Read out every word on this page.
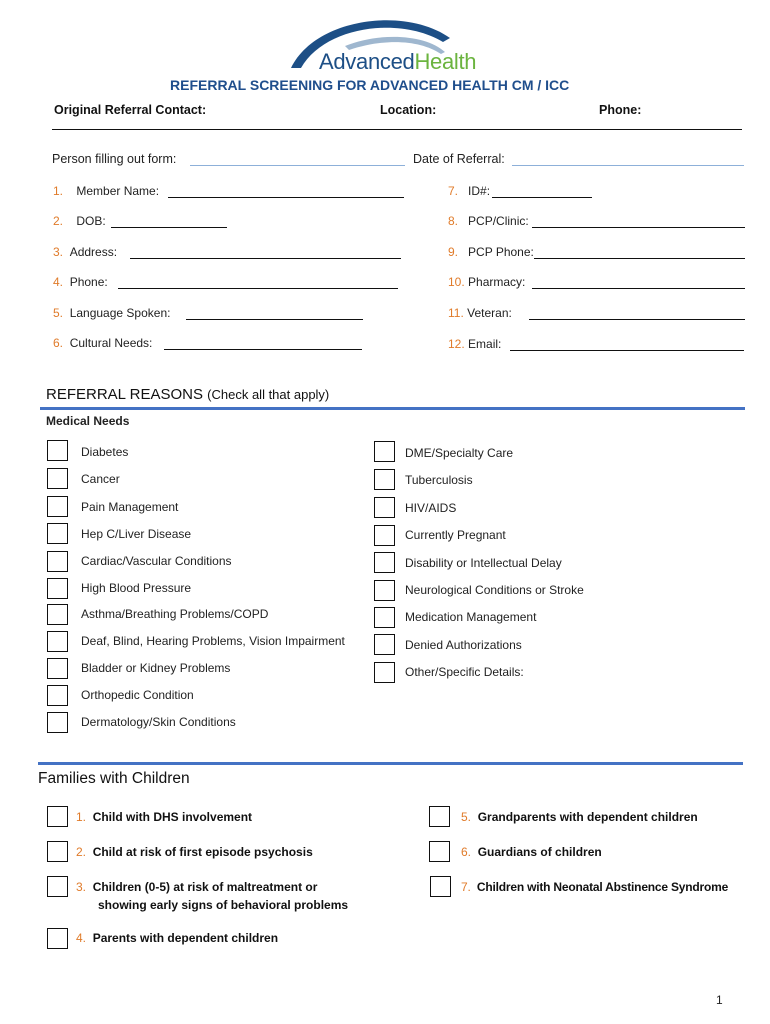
AdvancedHealth
REFERRAL SCREENING FOR ADVANCED HEALTH CM / ICC
Original Referral Contact:	Location:	Phone:
Person filling out form:	Date of Referral:
1. Member Name:
2. DOB:
3. Address:
4. Phone:
5. Language Spoken:
6. Cultural Needs:
7. ID#:
8. PCP/Clinic:
9. PCP Phone:
10. Pharmacy:
11. Veteran:
12. Email:
REFERRAL REASONS (Check all that apply)
Medical Needs
Diabetes
Cancer
Pain Management
Hep C/Liver Disease
Cardiac/Vascular Conditions
High Blood Pressure
Asthma/Breathing Problems/COPD
Deaf, Blind, Hearing Problems, Vision Impairment
Bladder or Kidney Problems
Orthopedic Condition
Dermatology/Skin Conditions
DME/Specialty Care
Tuberculosis
HIV/AIDS
Currently Pregnant
Disability or Intellectual Delay
Neurological Conditions or Stroke
Medication Management
Denied Authorizations
Other/Specific Details:
Families with Children
1. Child with DHS involvement
2. Child at risk of first episode psychosis
3. Children (0-5) at risk of maltreatment or showing early signs of behavioral problems
4. Parents with dependent children
5. Grandparents with dependent children
6. Guardians of children
7. Children with Neonatal Abstinence Syndrome
1
